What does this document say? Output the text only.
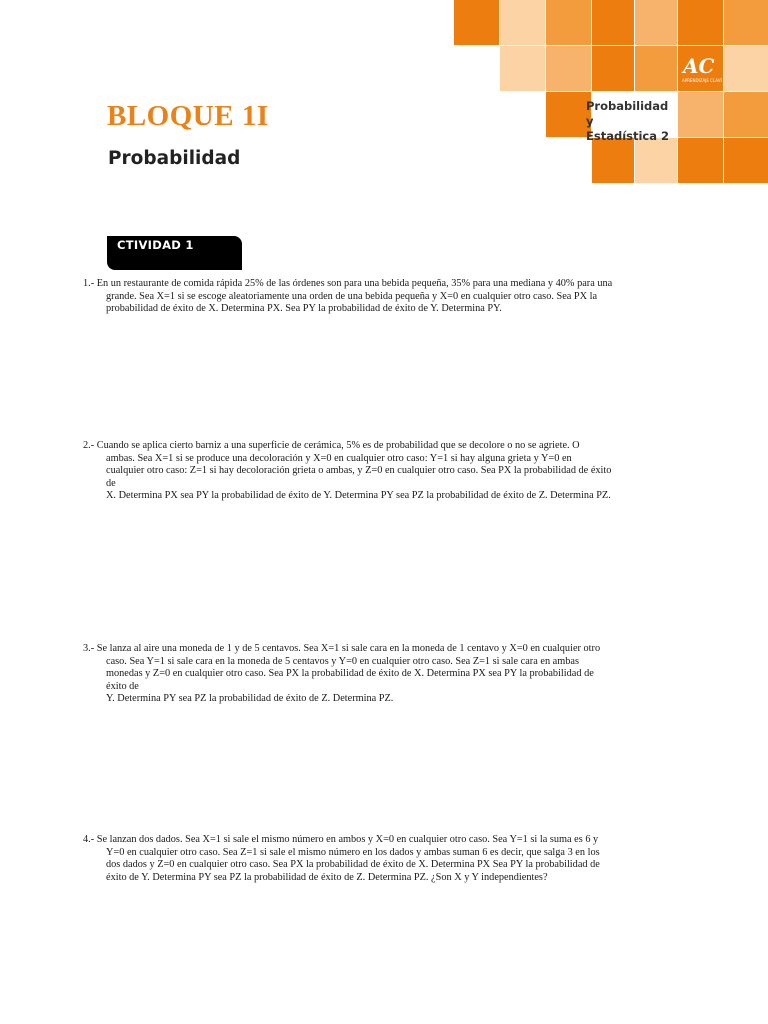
Probabilidad y
Estadística 2
AC
APRENDIZAJE CLAVE
BLOQUE 1I
Probabilidad
CTIVIDAD 1

1.- En un restaurante de comida rápida 25% de las órdenes son para una bebida pequeña, 35% para una mediana y 40% para una

grande. Sea X=1 si se escoge aleatoriamente una orden de una bebida pequeña y X=0 en cualquier otro caso. Sea PX la

probabilidad de éxito de X. Determina PX. Sea PY la probabilidad de éxito de Y. Determina PY.

2.- Cuando se aplica cierto barniz a una superficie de cerámica, 5% es de probabilidad que se decolore o no se agriete. O

ambas. Sea X=1 si se produce una decoloración y X=0 en cualquier otro caso: Y=1 si hay alguna grieta y Y=0 en

cualquier otro caso: Z=1 si hay decoloración grieta o ambas, y Z=0 en cualquier otro caso. Sea PX la probabilidad de éxito

de

X. Determina PX sea PY la probabilidad de éxito de Y. Determina PY sea PZ la probabilidad de éxito de Z. Determina PZ.

3.- Se lanza al aire una moneda de 1 y de 5 centavos. Sea X=1 si sale cara en la moneda de 1 centavo y X=0 en cualquier otro

caso. Sea Y=1 si sale cara en la moneda de 5 centavos y Y=0 en cualquier otro caso. Sea Z=1 si sale cara en ambas

monedas y Z=0 en cualquier otro caso. Sea PX la probabilidad de éxito de X. Determina PX sea PY la probabilidad de

éxito de

Y. Determina PY sea PZ la probabilidad de éxito de Z. Determina PZ.

4.- Se lanzan dos dados. Sea X=1 si sale el mismo número en ambos y X=0 en cualquier otro caso. Sea Y=1 si la suma es 6 y

Y=0 en cualquier otro caso. Sea Z=1 si sale el mismo número en los dados y ambas suman 6 es decir, que salga 3 en los

dos dados y Z=0 en cualquier otro caso. Sea PX la probabilidad de éxito de X. Determina PX Sea PY la probabilidad de

éxito de Y. Determina PY sea PZ la probabilidad de éxito de Z. Determina PZ. ¿Son X y Y independientes?
